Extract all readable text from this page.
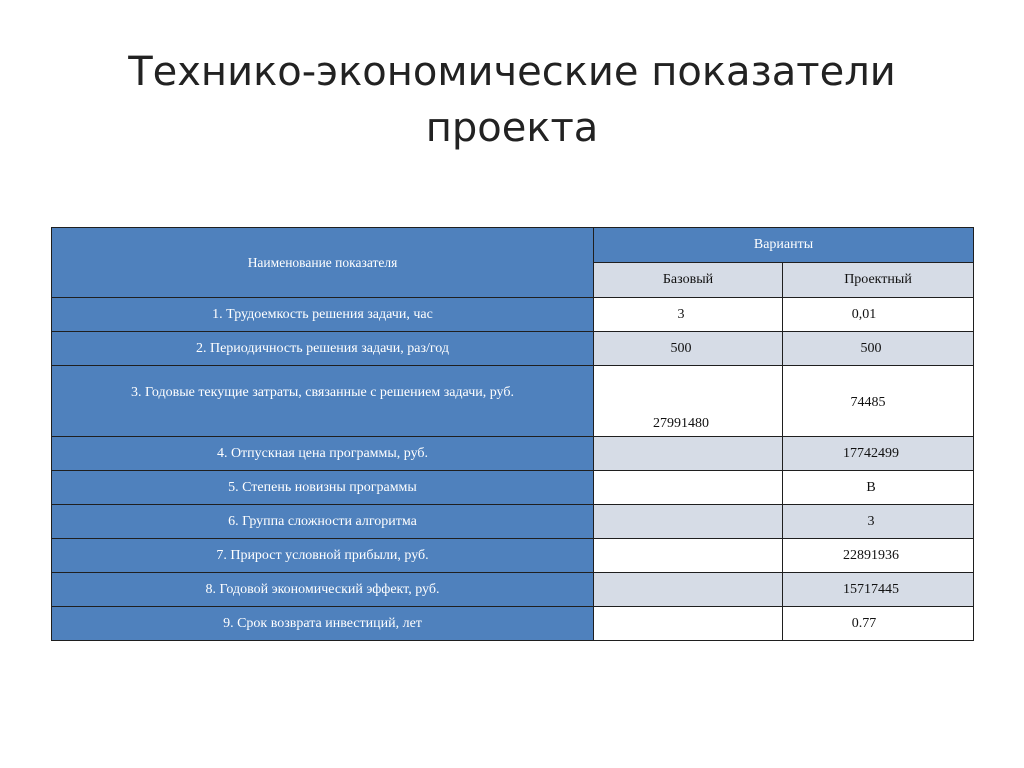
Технико-экономические показатели
проекта
Наименование показателя	Варианты	
	Базовый	Проектный
1. Трудоемкость решения задачи, час	3	0,01
2. Периодичность решения задачи, раз/год	500	500
3. Годовые текущие затраты, связанные с решением задачи, руб.	27991480	74485
4. Отпускная цена программы, руб.		17742499
5. Степень новизны программы		В
6. Группа сложности алгоритма		3
7. Прирост условной прибыли, руб.		22891936
8. Годовой экономический эффект, руб.		15717445
9. Срок возврата инвестиций, лет		0.77
